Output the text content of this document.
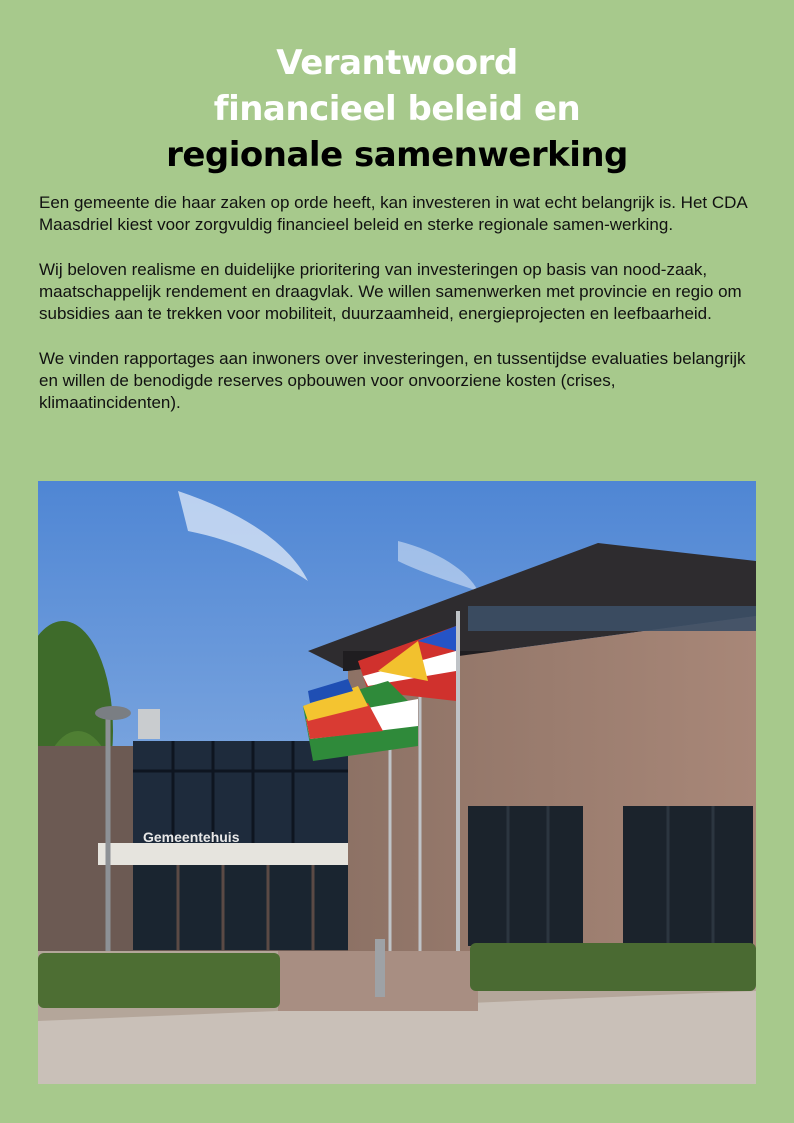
Verantwoord
financieel beleid en
regionale samenwerking

Een gemeente die haar zaken op orde heeft, kan investeren in wat echt belangrijk is. Het CDA Maasdriel kiest voor zorgvuldig financieel beleid en sterke regionale samen-werking.

Wij beloven realisme en duidelijke prioritering van investeringen op basis van nood-zaak, maatschappelijk rendement en draagvlak. We willen samenwerken met provincie en regio om subsidies aan te trekken voor mobiliteit, duurzaamheid, energieprojecten en leefbaarheid.

We vinden rapportages aan inwoners over investeringen, en tussentijdse evaluaties belangrijk en willen de benodigde reserves opbouwen voor onvoorziene kosten (crises, klimaatincidenten).

Gemeentehuis
